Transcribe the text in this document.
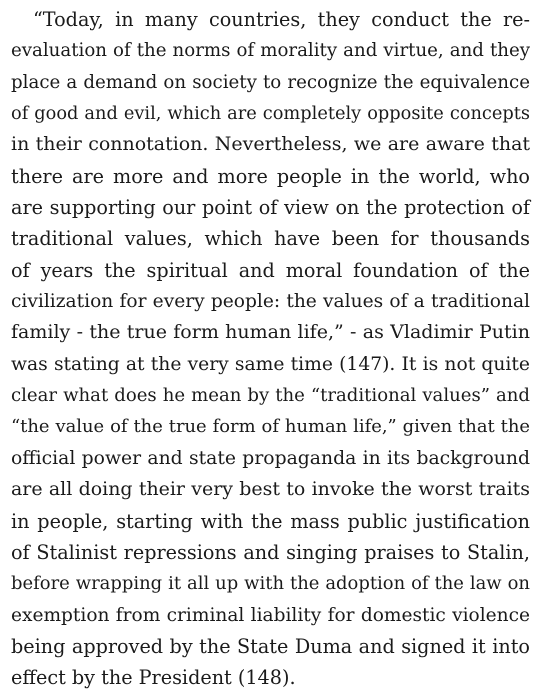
“Today, in many countries, they conduct the re-
evaluation of the norms of morality and virtue, and they
place a demand on society to recognize the equivalence
of good and evil, which are completely opposite concepts
in their connotation. Nevertheless, we are aware that
there are more and more people in the world, who
are supporting our point of view on the protection of
traditional values, which have been for thousands
of years the spiritual and moral foundation of the
civilization for every people: the values of a traditional
family - the true form human life,” - as Vladimir Putin
was stating at the very same time (147). It is not quite
clear what does he mean by the “traditional values” and
“the value of the true form of human life,” given that the
official power and state propaganda in its background
are all doing their very best to invoke the worst traits
in people, starting with the mass public justification
of Stalinist repressions and singing praises to Stalin,
before wrapping it all up with the adoption of the law on
exemption from criminal liability for domestic violence
being approved by the State Duma and signed it into
effect by the President (148).
